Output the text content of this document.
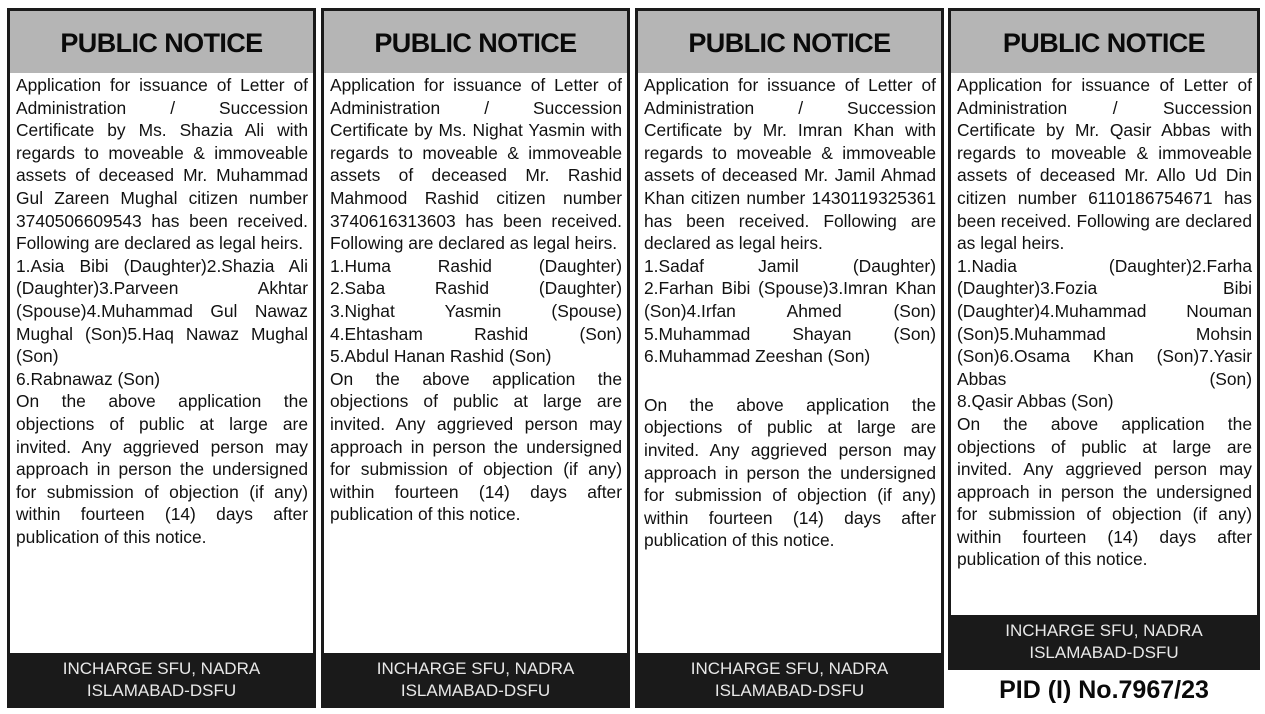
PUBLIC NOTICE

Application for issuance of Letter of Administration / Succession Certificate by Ms. Shazia Ali with regards to moveable & immoveable assets of deceased Mr. Muhammad Gul Zareen Mughal citizen number 3740506609543 has been received. Following are declared as legal heirs.

1.Asia Bibi (Daughter)2.Shazia Ali (Daughter)3.Parveen Akhtar (Spouse)4.Muhammad Gul Nawaz Mughal (Son)5.Haq Nawaz Mughal (Son)
6.Rabnawaz (Son)

On the above application the objections of public at large are invited. Any aggrieved person may approach in person the undersigned for submission of objection (if any) within fourteen (14) days after publication of this notice.

INCHARGE SFU, NADRA
ISLAMABAD-DSFU
PUBLIC NOTICE

Application for issuance of Letter of Administration / Succession Certificate by Ms. Nighat Yasmin with regards to moveable & immoveable assets of deceased Mr. Rashid Mahmood Rashid citizen number 3740616313603 has been received. Following are declared as legal heirs.

1.Huma Rashid (Daughter)
2.Saba Rashid (Daughter)
3.Nighat Yasmin (Spouse)
4.Ehtasham Rashid (Son)
5.Abdul Hanan Rashid (Son)

On the above application the objections of public at large are invited. Any aggrieved person may approach in person the undersigned for submission of objection (if any) within fourteen (14) days after publication of this notice.

INCHARGE SFU, NADRA
ISLAMABAD-DSFU
PUBLIC NOTICE

Application for issuance of Letter of Administration / Succession Certificate by Mr. Imran Khan with regards to moveable & immoveable assets of deceased Mr. Jamil Ahmad Khan citizen number 1430119325361 has been received. Following are declared as legal heirs.

1.Sadaf Jamil (Daughter)
2.Farhan Bibi (Spouse)3.Imran Khan (Son)4.Irfan Ahmed (Son)
5.Muhammad Shayan (Son)
6.Muhammad Zeeshan (Son)

On the above application the objections of public at large are invited. Any aggrieved person may approach in person the undersigned for submission of objection (if any) within fourteen (14) days after publication of this notice.

INCHARGE SFU, NADRA
ISLAMABAD-DSFU
PUBLIC NOTICE

Application for issuance of Letter of Administration / Succession Certificate by Mr. Qasir Abbas with regards to moveable & immoveable assets of deceased Mr. Allo Ud Din citizen number 6110186754671 has been received. Following are declared as legal heirs.

1.Nadia (Daughter)2.Farha (Daughter)3.Fozia Bibi (Daughter)4.Muhammad Nouman (Son)5.Muhammad Mohsin (Son)6.Osama Khan (Son)7.Yasir Abbas (Son)
8.Qasir Abbas (Son)

On the above application the objections of public at large are invited. Any aggrieved person may approach in person the undersigned for submission of objection (if any) within fourteen (14) days after publication of this notice.

INCHARGE SFU, NADRA
ISLAMABAD-DSFU
PID (I) No.7967/23
